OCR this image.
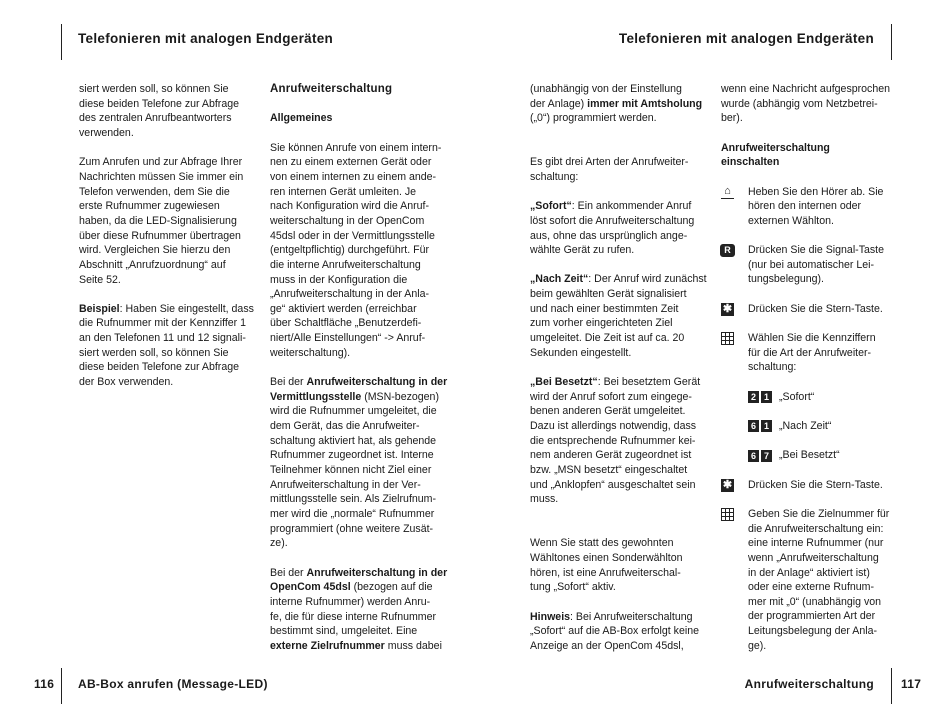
Telefonieren mit analogen Endgeräten	Telefonieren mit analogen Endgeräten
116 AB-Box anrufen (Message-LED)	Anrufweiterschaltung 117

siert werden soll, so können Sie
diese beiden Telefone zur Abfrage
des zentralen Anrufbeantworters
verwenden.

Zum Anrufen und zur Abfrage Ihrer
Nachrichten müssen Sie immer ein
Telefon verwenden, dem Sie die
erste Rufnummer zugewiesen
haben, da die LED-Signalisierung
über diese Rufnummer übertragen
wird. Vergleichen Sie hierzu den
Abschnitt „Anrufzuordnung“ auf
Seite 52.

Beispiel: Haben Sie eingestellt, dass
die Rufnummer mit der Kennziffer 1
an den Telefonen 11 und 12 signali-
siert werden soll, so können Sie
diese beiden Telefone zur Abfrage
der Box verwenden.

Anrufweiterschaltung

Allgemeines

Sie können Anrufe von einem intern-
nen zu einem externen Gerät oder
von einem internen zu einem ande-
ren internen Gerät umleiten. Je
nach Konfiguration wird die Anruf-
weiterschaltung in der OpenCom
45dsl oder in der Vermittlungsstelle
(entgeltpflichtig) durchgeführt. Für
die interne Anrufweiterschaltung
muss in der Konfiguration die
„Anrufweiterschaltung in der Anla-
ge“ aktiviert werden (erreichbar
über Schaltfläche „Benutzerdefi-
niert/Alle Einstellungen“ -> Anruf-
weiterschaltung).

Bei der Anrufweiterschaltung in der
Vermittlungsstelle (MSN-bezogen)
wird die Rufnummer umgeleitet, die
dem Gerät, das die Anrufweiter-
schaltung aktiviert hat, als gehende
Rufnummer zugeordnet ist. Interne
Teilnehmer können nicht Ziel einer
Anrufweiterschaltung in der Ver-
mittlungsstelle sein. Als Zielrufnum-
mer wird die „normale“ Rufnummer
programmiert (ohne weitere Zusät-
ze).

Bei der Anrufweiterschaltung in der
OpenCom 45dsl (bezogen auf die
interne Rufnummer) werden Anru-
fe, die für diese interne Rufnummer
bestimmt sind, umgeleitet. Eine
externe Zielrufnummer muss dabei

(unabhängig von der Einstellung
der Anlage) immer mit Amtsholung
(„0“) programmiert werden.

Es gibt drei Arten der Anrufweiter-
schaltung:

„Sofort“: Ein ankommender Anruf
löst sofort die Anrufweiterschaltung
aus, ohne das ursprünglich ange-
wählte Gerät zu rufen.

„Nach Zeit“: Der Anruf wird zunächst
beim gewählten Gerät signalisiert
und nach einer bestimmten Zeit
zum vorher eingerichteten Ziel
umgeleitet. Die Zeit ist auf ca. 20
Sekunden eingestellt.

„Bei Besetzt“: Bei besetztem Gerät
wird der Anruf sofort zum eingege-
benen anderen Gerät umgeleitet.
Dazu ist allerdings notwendig, dass
die entsprechende Rufnummer kei-
nem anderen Gerät zugeordnet ist
bzw. „MSN besetzt“ eingeschaltet
und „Anklopfen“ ausgeschaltet sein
muss.

Wenn Sie statt des gewohnten
Wähltones einen Sonderwählton
hören, ist eine Anrufweiterschal-
tung „Sofort“ aktiv.

Hinweis: Bei Anrufweiterschaltung
„Sofort“ auf die AB-Box erfolgt keine
Anzeige an der OpenCom 45dsl,

wenn eine Nachricht aufgesprochen
wurde (abhängig vom Netzbetrei-
ber).

Anrufweiterschaltung einschalten

⌂ Heben Sie den Hörer ab. Sie
hören den internen oder
externen Wählton.
R	Drücken Sie die Signal-Taste
(nur bei automatischer Lei-
tungsbelegung).
✱ Drücken Sie die Stern-Taste.
Wählen Sie die Kennziffern
für die Art der Anrufweiter-
schaltung:
2 1 „Sofort“
6 1 „Nach Zeit“
6 7 „Bei Besetzt“
✱ Drücken Sie die Stern-Taste.
Geben Sie die Zielnummer für
die Anrufweiterschaltung ein:
eine interne Rufnummer (nur
wenn „Anrufweiterschaltung
in der Anlage“ aktiviert ist)
oder eine externe Rufnum-
mer mit „0“ (unabhängig von
der programmierten Art der
Leitungsbelegung der Anla-
ge).
